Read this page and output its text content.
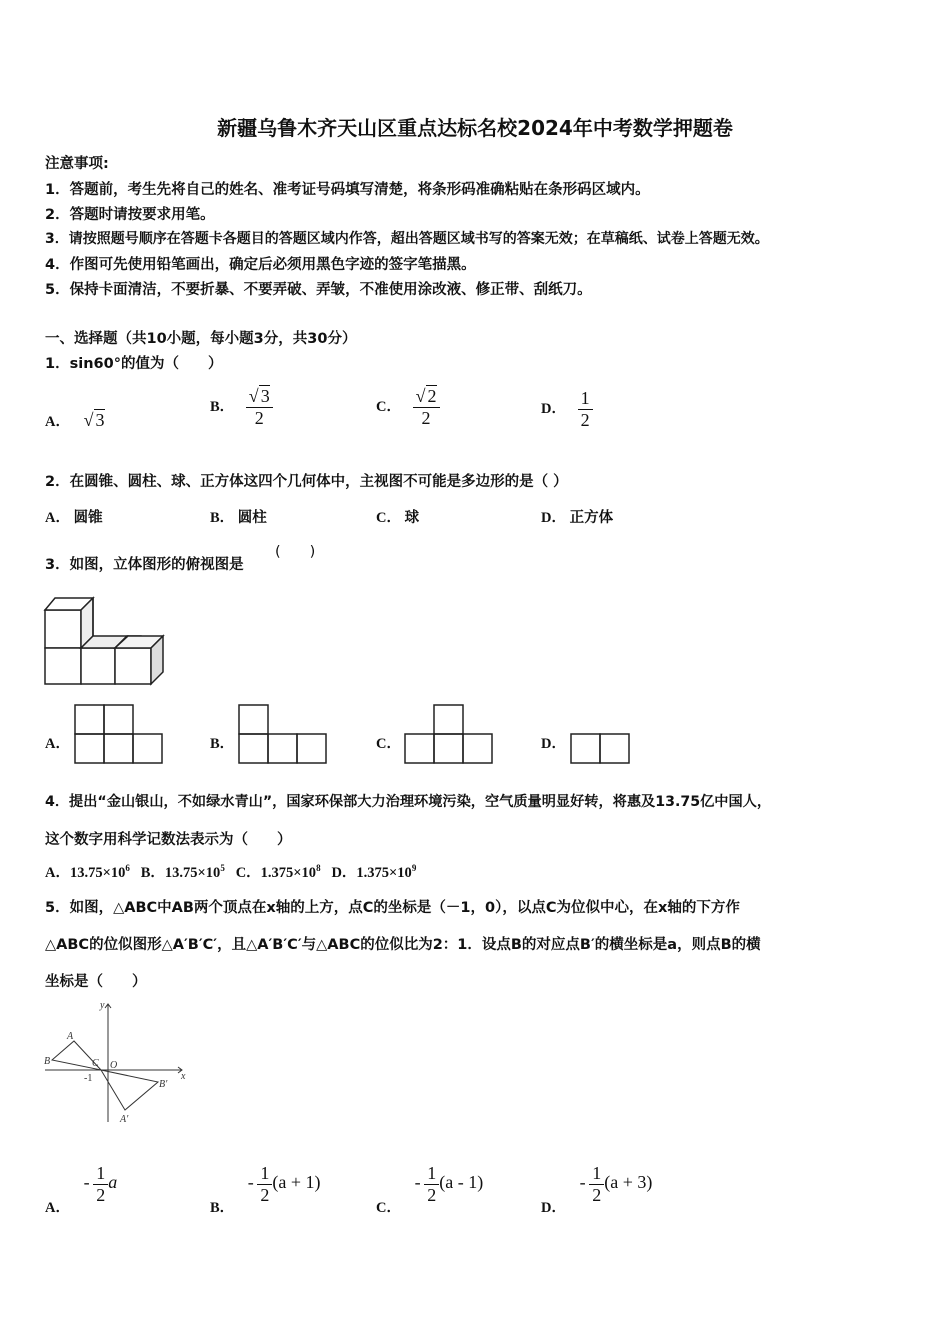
新疆乌鲁木齐天山区重点达标名校2024年中考数学押题卷
注意事项:
1．答题前，考生先将自己的姓名、准考证号码填写清楚，将条形码准确粘贴在条形码区域内。
2．答题时请按要求用笔。
3．请按照题号顺序在答题卡各题目的答题区域内作答，超出答题区域书写的答案无效；在草稿纸、试卷上答题无效。
4．作图可先使用铅笔画出，确定后必须用黑色字迹的签字笔描黑。
5．保持卡面清洁，不要折暴、不要弄破、弄皱，不准使用涂改液、修正带、刮纸刀。
一、选择题（共10小题，每小题3分，共30分）
1．sin60°的值为（　　）
A． √ 3
B． $\frac{√ 3}{2}$	C． $\frac{√ 2}{2}$	D． $\frac{1}{2}$
2．在圆锥、圆柱、球、正方体这四个几何体中，主视图不可能是多边形的是（ ）
A． 圆锥	B． 圆柱	C． 球	D． 正方体
3．如图，立体图形的俯视图是
(　　)
A．	B．	C．	D．
4．提出“金山银山，不如绿水青山”，国家环保部大力治理环境污染，空气质量明显好转，将惠及13.75亿中国人，
这个数字用科学记数法表示为（　　）
A．$13.75\times 10^6$ B．$13.75\times 10^5$ C．$1.375\times 10^8$ D．$1.375\times 10^9$
5．如图，△ABC中AB两个顶点在x轴的上方，点C的坐标是（－1，0），以点C为位似中心，在x轴的下方作
△ABC的位似图形△A′B′C′，且△A′B′C′与△ABC的位似比为2：1．设点B的对应点B′的横坐标是a，则点B的横
坐标是（　　）
y
x
A
B	C O
-1
B′
A′
A． - $\frac{1}{2}$ a
B． - $\frac{1}{2} (a + 1)$
C． - $\frac{1}{2} (a - 1)$
D． - $\frac{1}{2} (a + 3)$
